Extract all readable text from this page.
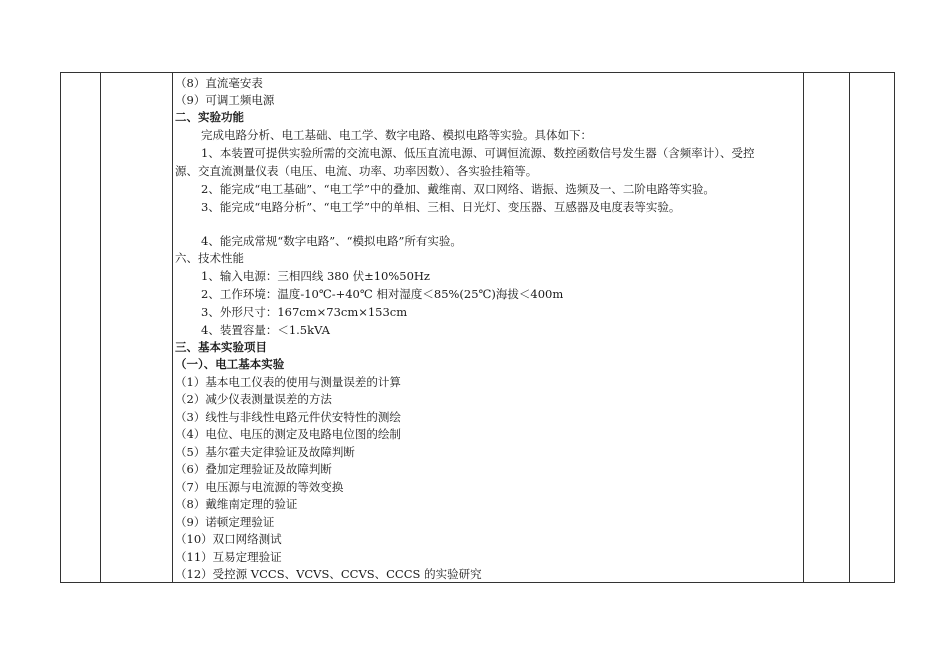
（8）直流毫安表
（9）可调工频电源
二、实验功能
完成电路分析、电工基础、电工学、数字电路、模拟电路等实验。具体如下：
1、本装置可提供实验所需的交流电源、低压直流电源、可调恒流源、数控函数信号发生器（含频率计）、受控
源、交直流测量仪表（电压、电流、功率、功率因数）、各实验挂箱等。
2、能完成“电工基础”、“电工学”中的叠加、戴维南、双口网络、谐振、选频及一、二阶电路等实验。
3、能完成“电路分析”、“电工学”中的单相、三相、日光灯、变压器、互感器及电度表等实验。
4、能完成常规“数字电路”、“模拟电路”所有实验。
六、技术性能
1、输入电源：三相四线 380 伏±10%50Hz
2、工作环境：温度-10℃-+40℃ 相对湿度＜85%(25℃)海拔＜400m
3、外形尺寸：167cm×73cm×153cm
4、装置容量：＜1.5kVA
三、基本实验项目
（一）、电工基本实验
（1）基本电工仪表的使用与测量误差的计算
（2）减少仪表测量误差的方法
（3）线性与非线性电路元件伏安特性的测绘
（4）电位、电压的测定及电路电位图的绘制
（5）基尔霍夫定律验证及故障判断
（6）叠加定理验证及故障判断
（7）电压源与电流源的等效变换
（8）戴维南定理的验证
（9）诺顿定理验证
（10）双口网络测试
（11）互易定理验证
（12）受控源 VCCS、VCVS、CCVS、CCCS 的实验研究
